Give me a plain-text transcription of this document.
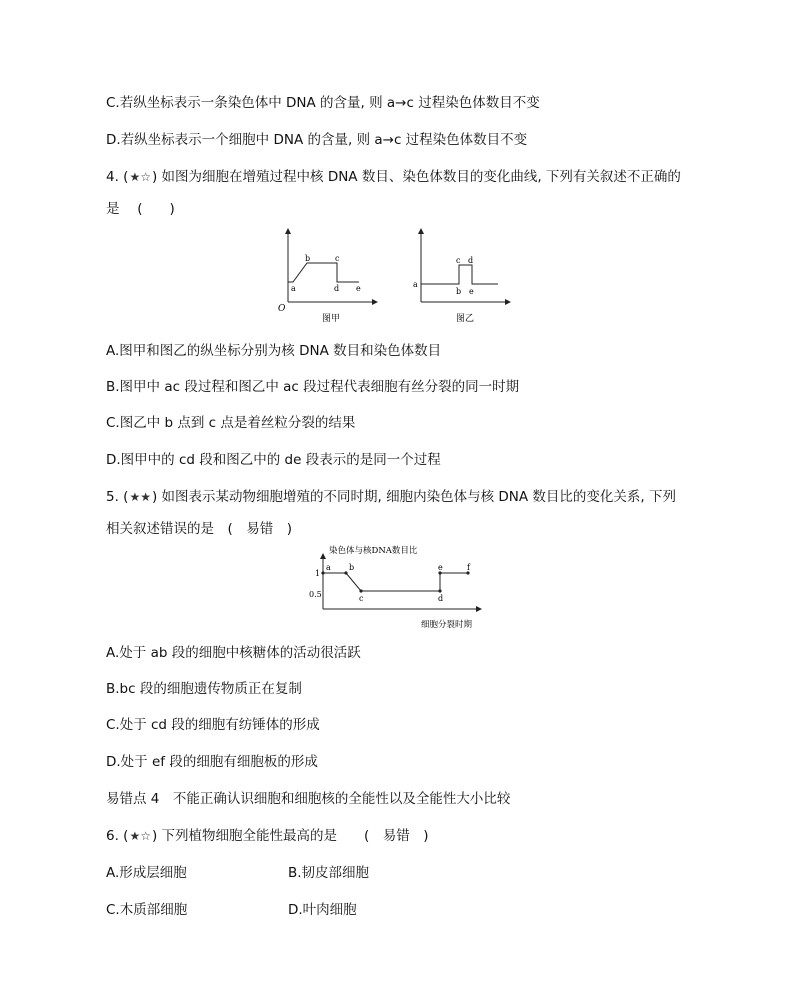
C.若纵坐标表示一条染色体中 DNA 的含量, 则 a→c 过程染色体数目不变
D.若纵坐标表示一个细胞中 DNA 的含量, 则 a→c 过程染色体数目不变
4. (★☆) 如图为细胞在增殖过程中核 DNA 数目、染色体数目的变化曲线, 下列有关叙述不正确的
是　 (　　)
a
b	c
d e
O
图甲
a
b
c d
e
图乙
A.图甲和图乙的纵坐标分别为核 DNA 数目和染色体数目
B.图甲中 ac 段过程和图乙中 ac 段过程代表细胞有丝分裂的同一时期
C.图乙中 b 点到 c 点是着丝粒分裂的结果
D.图甲中的 cd 段和图乙中的 de 段表示的是同一个过程
5. (★★) 如图表示某动物细胞增殖的不同时期, 细胞内染色体与核 DNA 数目比的变化关系, 下列
相关叙述错误的是　(　易错　)
染色体与核DNA数目比
细胞分裂时期
1
0.5
a b
c	d
e	f
A.处于 ab 段的细胞中核糖体的活动很活跃
B.bc 段的细胞遗传物质正在复制
C.处于 cd 段的细胞有纺锤体的形成
D.处于 ef 段的细胞有细胞板的形成
易错点 4　不能正确认识细胞和细胞核的全能性以及全能性大小比较
6. (★☆) 下列植物细胞全能性最高的是　　(　易错　)
A.形成层细胞	B.韧皮部细胞
C.木质部细胞	D.叶肉细胞
